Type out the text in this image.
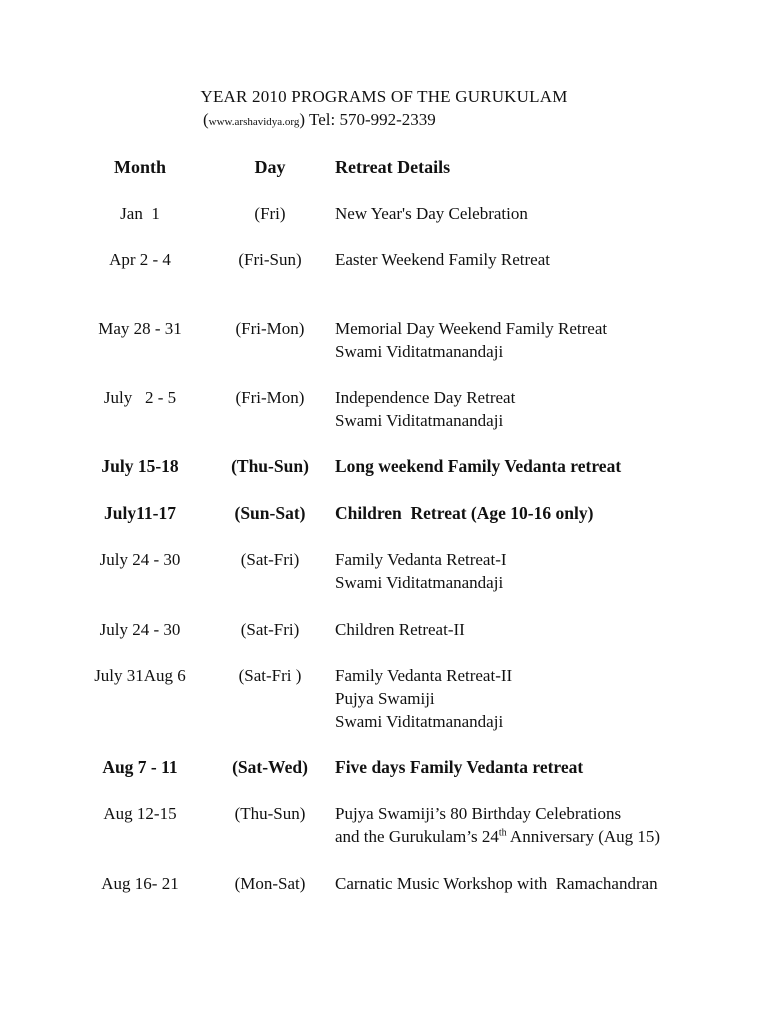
YEAR 2010 PROGRAMS OF THE GURUKULAM
(www.arshavidya.org) Tel: 570-992-2339
Month	Day	Retreat Details
Jan  1	(Fri)	New Year's Day Celebration
Apr 2 - 4	(Fri-Sun)	Easter Weekend Family Retreat
May 28 - 31	(Fri-Mon)	Memorial Day Weekend Family Retreat
Swami Viditatmanandaji
July   2 - 5	(Fri-Mon)	Independence Day Retreat
Swami Viditatmanandaji
July 15-18	(Thu-Sun)	Long weekend Family Vedanta retreat
July11-17	(Sun-Sat)	Children  Retreat (Age 10-16 only)
July 24 - 30	(Sat-Fri)	Family Vedanta Retreat-I
Swami Viditatmanandaji
July 24 - 30	(Sat-Fri)	Children Retreat-II
July 31Aug 6	(Sat-Fri )	Family Vedanta Retreat-II
Pujya Swamiji
Swami Viditatmanandaji
Aug 7 - 11	(Sat-Wed)	Five days Family Vedanta retreat
Aug 12-15	(Thu-Sun)	Pujya Swamiji’s 80 Birthday Celebrations
and the Gurukulam’s 24th Anniversary (Aug 15)
Aug 16- 21	(Mon-Sat)	Carnatic Music Workshop with  Ramachandran
